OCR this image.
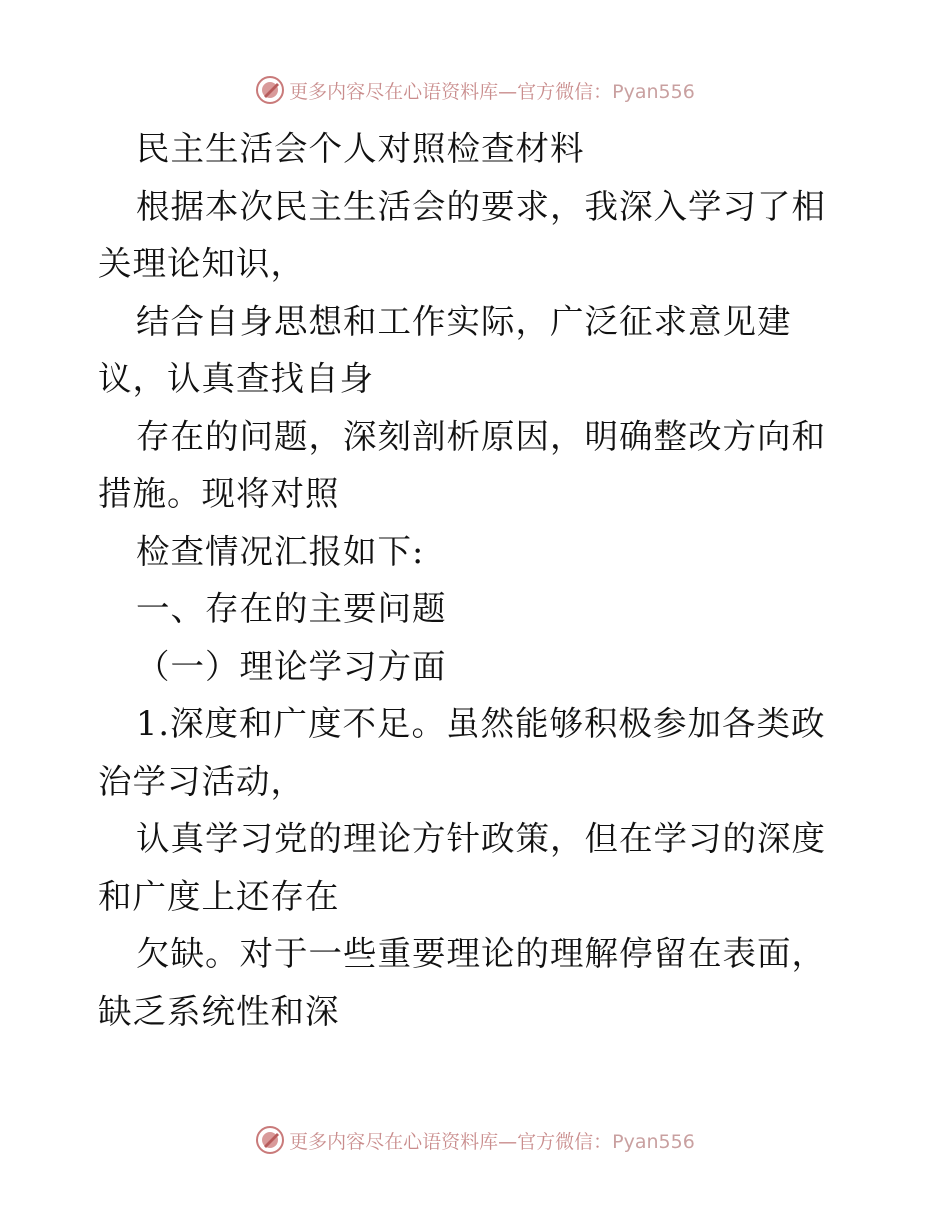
更多内容尽在心语资料库—官方微信：Pyan556

民主生活会个人对照检查材料

根据本次民主生活会的要求，我深入学习了相关理论知识，

结合自身思想和工作实际，广泛征求意见建议，认真查找自身

存在的问题，深刻剖析原因，明确整改方向和措施。现将对照

检查情况汇报如下:

一、存在的主要问题

（一）理论学习方面

1.深度和广度不足。虽然能够积极参加各类政治学习活动，

认真学习党的理论方针政策，但在学习的深度和广度上还存在

欠缺。对于一些重要理论的理解停留在表面，缺乏系统性和深

更多内容尽在心语资料库—官方微信：Pyan556
